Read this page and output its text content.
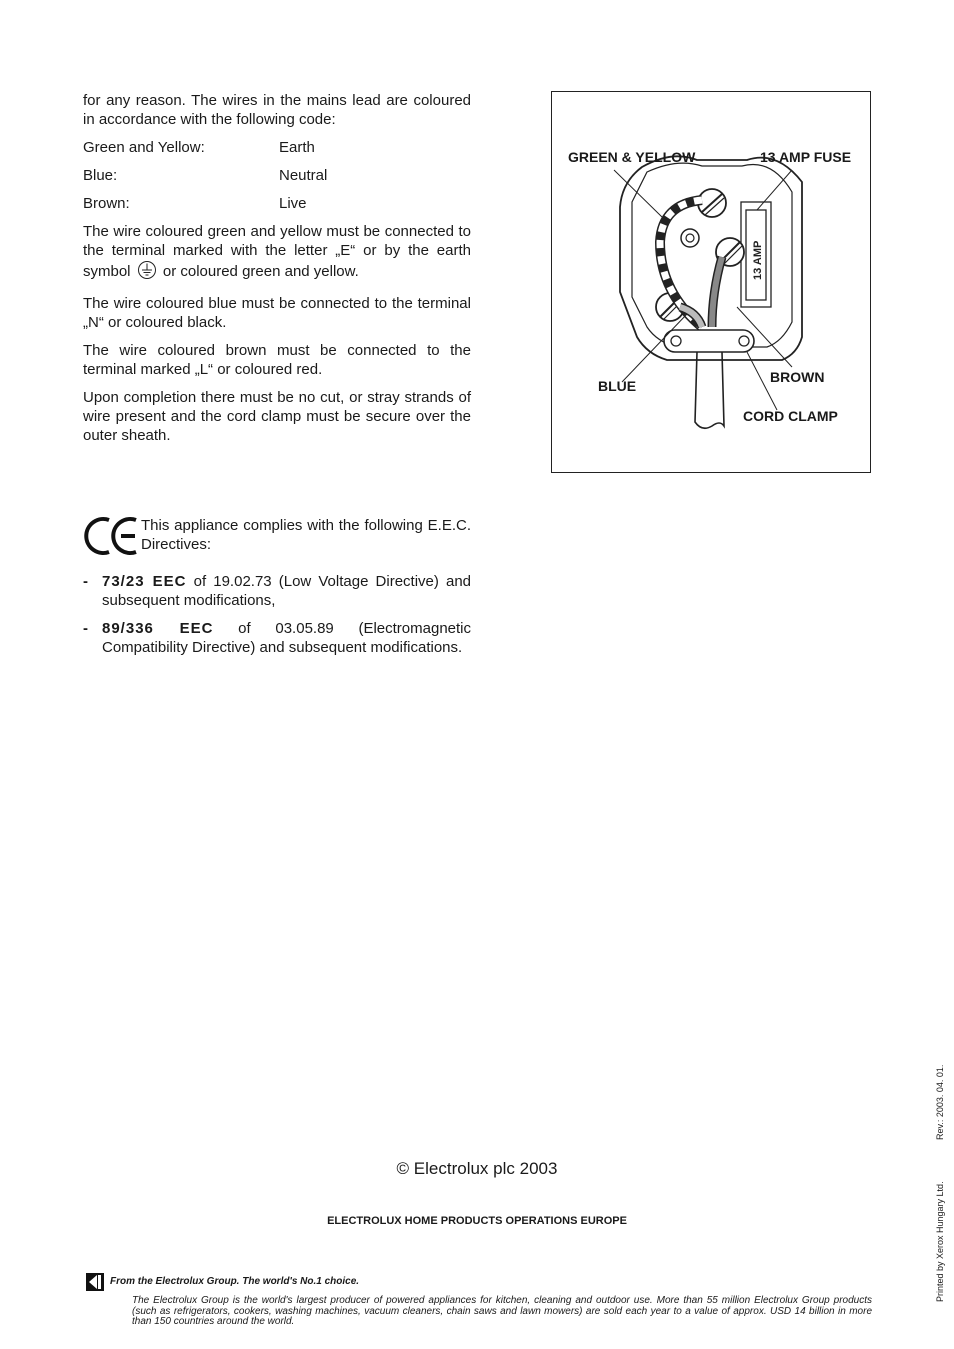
for any reason. The wires in the mains lead are coloured in accordance with the following code:

Green and Yellow:	Earth
Blue:	Neutral
Brown:	Live

The wire coloured green and yellow must be connected to the terminal marked with the letter „E“ or by the earth symbol or coloured green and yellow.

The wire coloured blue must be connected to the terminal „N“ or coloured black.

The wire coloured brown must be connected to the terminal marked „L“ or coloured red.

Upon completion there must be no cut, or stray strands of wire present and the cord clamp must be secure over the outer sheath.

13 AMP
GREEN & YELLOW	13 AMP FUSE
BLUE
BROWN
CORD CLAMP
This appliance complies with the following E.E.C. Directives:
- 73/23 EEC of 19.02.73 (Low Voltage Directive) and subsequent modifications,
- 89/336 EEC of 03.05.89 (Electromagnetic Compatibility Directive) and subsequent modifications.
© Electrolux plc 2003
ELECTROLUX HOME PRODUCTS OPERATIONS EUROPE
From the Electrolux Group. The world's No.1 choice.
The Electrolux Group is the world's largest producer of powered appliances for kitchen, cleaning and outdoor use. More than 55 million Electrolux Group products (such as refrigerators, cookers, washing machines, vacuum cleaners, chain saws and lawn mowers) are sold each year to a value of approx. USD 14 billion in more than 150 countries around the world.
Printed by Xerox Hungary Ltd.
Rev.: 2003. 04. 01.
